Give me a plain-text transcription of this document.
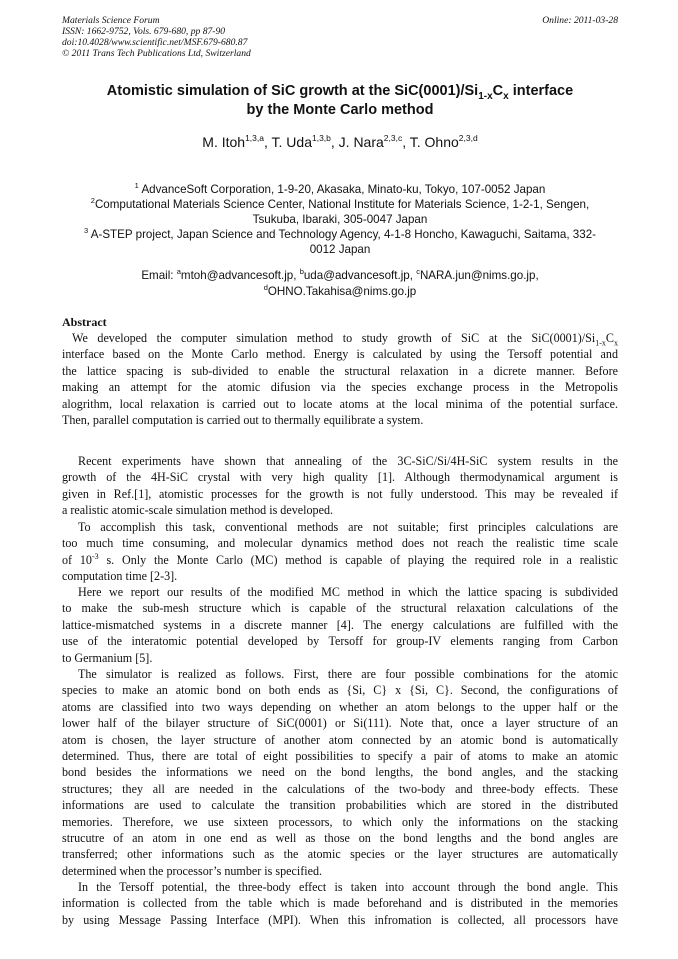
Materials Science Forum
ISSN: 1662-9752, Vols. 679-680, pp 87-90
doi:10.4028/www.scientific.net/MSF.679-680.87
© 2011 Trans Tech Publications Ltd, Switzerland
Online: 2011-03-28
Atomistic simulation of SiC growth at the $SiC(0001)/Si_{1-x}C_x$ interface
by the Monte Carlo method
M. Itoh$^{1,3,a}$, T. Uda$^{1,3,b}$, J. Nara$^{2,3,c}$, T. Ohno$^{2,3,d}$
$^1$ AdvanceSoft Corporation, 1-9-20, Akasaka, Minato-ku, Tokyo, 107-0052 Japan
$^2$Computational Materials Science Center, National Institute for Materials Science, 1-2-1, Sengen, Tsukuba, Ibaraki, 305-0047 Japan
$^3$ A-STEP project, Japan Science and Technology Agency, 4-1-8 Honcho, Kawaguchi, Saitama, 332-0012 Japan
Email: $^a$mtoh@advancesoft.jp, $^b$uda@advancesoft.jp, $^c$NARA.jun@nims.go.jp,
$^d$OHNO.Takahisa@nims.go.jp
Abstract
We developed the computer simulation method to study growth of SiC at the $SiC(0001)/Si_{1-x}C_x$
interface based on the Monte Carlo method. Energy is calculated by using the Tersoff potential and
the lattice spacing is sub-divided to enable the structural relaxation in a dicrete manner. Before
making an attempt for the atomic difusion via the species exchange process in the Metropolis
alogrithm, local relaxation is carried out to locate atoms at the local minima of the potential surface.
Then, parallel computation is carried out to thermally equilibrate a system.
Recent experiments have shown that annealing of the 3C-SiC/Si/4H-SiC system results in the
growth of the 4H-SiC crystal with very high quality [1]. Although thermodynamical argument is
given in Ref.[1], atomistic processes for the growth is not fully understood. This may be revealed if
a realistic atomic-scale simulation method is developed.
To accomplish this task, conventional methods are not suitable; first principles calculations are
too much time consuming, and molecular dynamics method does not reach the realistic time scale
of $10^{-3}$ s. Only the Monte Carlo (MC) method is capable of playing the required role in a realistic
computation time [2-3].
Here we report our results of the modified MC method in which the lattice spacing is subdivided
to make the sub-mesh structure which is capable of the structural relaxation calculations of the
lattice-mismatched systems in a discrete manner [4]. The energy calculations are fulfilled with the
use of the interatomic potential developed by Tersoff for group-IV elements ranging from Carbon
to Germanium [5].
The simulator is realized as follows. First, there are four possible combinations for the atomic
species to make an atomic bond on both ends as {Si, C} x {Si, C}. Second, the configurations of
atoms are classified into two ways depending on whether an atom belongs to the upper half or the
lower half of the bilayer structure of SiC(0001) or Si(111). Note that, once a layer structure of an
atom is chosen, the layer structure of another atom connected by an atomic bond is automatically
determined. Thus, there are total of eight possibilities to specify a pair of atoms to make an atomic
bond besides the informations we need on the bond lengths, the bond angles, and the stacking
structures; they all are needed in the calculations of the two-body and three-body effects. These
informations are used to calculate the transition probabilities which are stored in the distributed
memories. Therefore, we use sixteen processors, to which only the informations on the stacking
strucutre of an atom in one end as well as those on the bond lengths and the bond angles are
transferred; other informations such as the atomic species or the layer structures are automatically
determined when the processor’s number is specified.
In the Tersoff potential, the three-body effect is taken into account through the bond angle. This
information is collected from the table which is made beforehand and is distributed in the memories
by using Message Passing Interface (MPI). When this infromation is collected, all processors have
